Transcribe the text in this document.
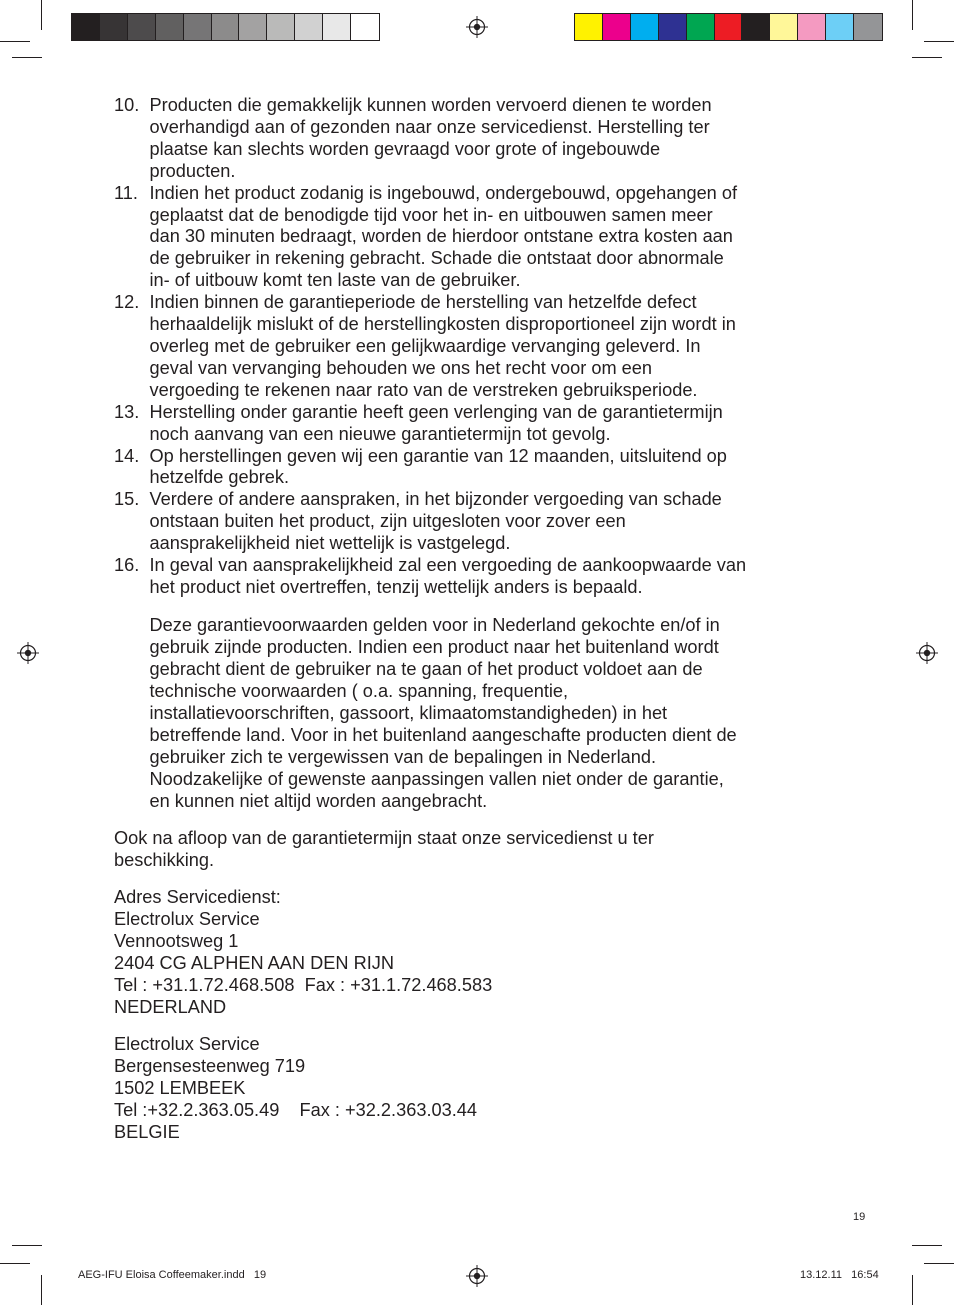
10. Producten die gemakkelijk kunnen worden vervoerd dienen te worden
overhandigd aan of gezonden naar onze servicedienst. Herstelling ter
plaatse kan slechts worden gevraagd voor grote of ingebouwde
producten.
11. Indien het product zodanig is ingebouwd, ondergebouwd, opgehangen of
geplaatst dat de benodigde tijd voor het in- en uitbouwen samen meer
dan 30 minuten bedraagt, worden de hierdoor ontstane extra kosten aan
de gebruiker in rekening gebracht. Schade die ontstaat door abnormale
in- of uitbouw komt ten laste van de gebruiker.
12. Indien binnen de garantieperiode de herstelling van hetzelfde defect
herhaaldelijk mislukt of de herstellingkosten disproportioneel zijn wordt in
overleg met de gebruiker een gelijkwaardige vervanging geleverd. In
geval van vervanging behouden we ons het recht voor om een
vergoeding te rekenen naar rato van de verstreken gebruiksperiode.
13. Herstelling onder garantie heeft geen verlenging van de garantietermijn
noch aanvang van een nieuwe garantietermijn tot gevolg.
14. Op herstellingen geven wij een garantie van 12 maanden, uitsluitend op
hetzelfde gebrek.
15. Verdere of andere aanspraken, in het bijzonder vergoeding van schade
ontstaan buiten het product, zijn uitgesloten voor zover een
aansprakelijkheid niet wettelijk is vastgelegd.
16. In geval van aansprakelijkheid zal een vergoeding de aankoopwaarde van
het product niet overtreffen, tenzij wettelijk anders is bepaald.
Deze garantievoorwaarden gelden voor in Nederland gekochte en/of in
gebruik zijnde producten. Indien een product naar het buitenland wordt
gebracht dient de gebruiker na te gaan of het product voldoet aan de
technische voorwaarden ( o.a. spanning, frequentie,
installatievoorschriften, gassoort, klimaatomstandigheden) in het
betreffende land. Voor in het buitenland aangeschafte producten dient de
gebruiker zich te vergewissen van de bepalingen in Nederland.
Noodzakelijke of gewenste aanpassingen vallen niet onder de garantie,
en kunnen niet altijd worden aangebracht.
Ook na afloop van de garantietermijn staat onze servicedienst u ter
beschikking.
Adres Servicedienst:
Electrolux Service
Vennootsweg 1
2404 CG ALPHEN AAN DEN RIJN
Tel : +31.1.72.468.508  Fax : +31.1.72.468.583
NEDERLAND
Electrolux Service
Bergensesteenweg 719
1502 LEMBEEK
Tel :+32.2.363.05.49    Fax : +32.2.363.03.44
BELGIE
19
AEG-IFU Eloisa Coffeemaker.indd   19	13.12.11   16:54
